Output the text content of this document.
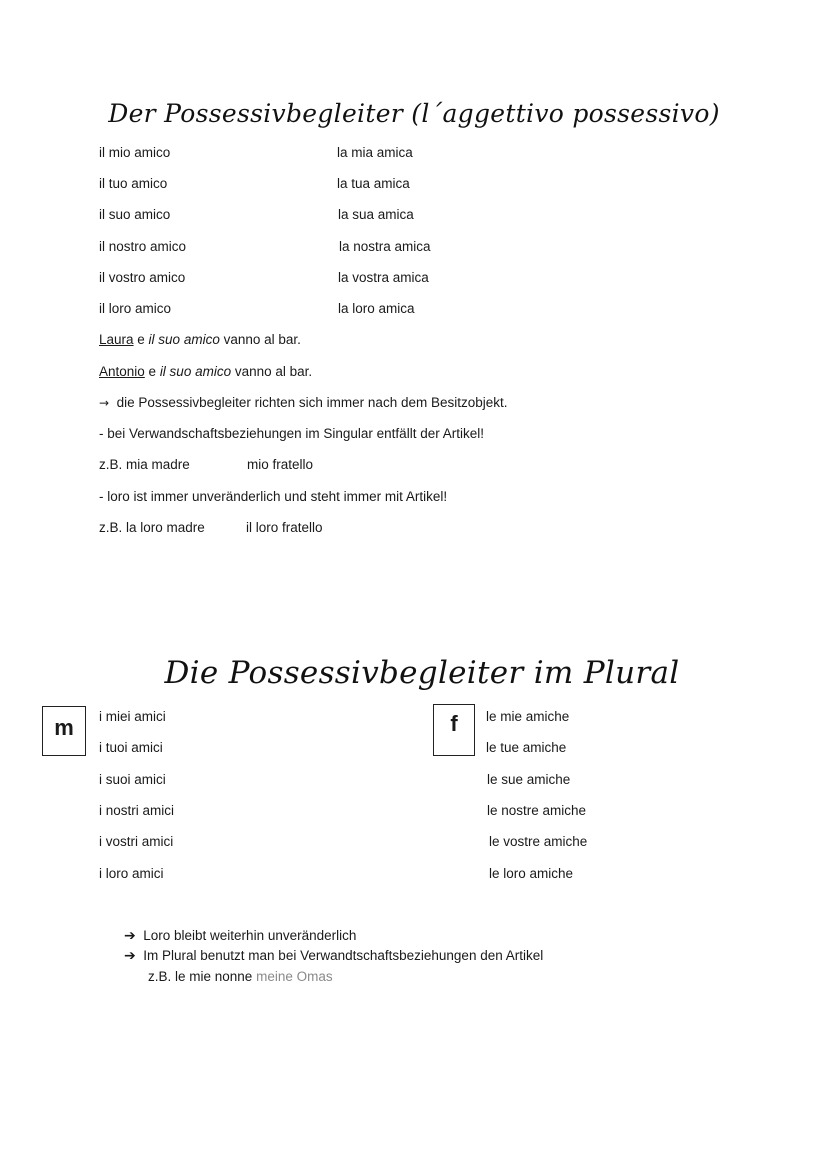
Der Possessivbegleiter (l´aggettivo possessivo)
il mio amico	la mia amica
il tuo amico	la tua amica
il suo amico	la sua amica
il nostro amico	la nostra amica
il vostro amico	la vostra amica
il loro amico	la loro amica
Laura e il suo amico vanno al bar.
Antonio e il suo amico vanno al bar.
→ die Possessivbegleiter richten sich immer nach dem Besitzobjekt.
- bei Verwandschaftsbeziehungen im Singular entfällt der Artikel!
z.B. mia madre	mio fratello
- loro ist immer unveränderlich und steht immer mit Artikel!
z.B. la loro madre	il loro fratello
Die Possessivbegleiter im Plural
m	f
i miei amici	le mie amiche
i tuoi amici	le tue amiche
i suoi amici	le sue amiche
i nostri amici	le nostre amiche
i vostri amici	le vostre amiche
i loro amici	le loro amiche
➔ Loro bleibt weiterhin unveränderlich
➔ Im Plural benutzt man bei Verwandtschaftsbeziehungen den Artikel
z.B. le mie nonne meine Omas
